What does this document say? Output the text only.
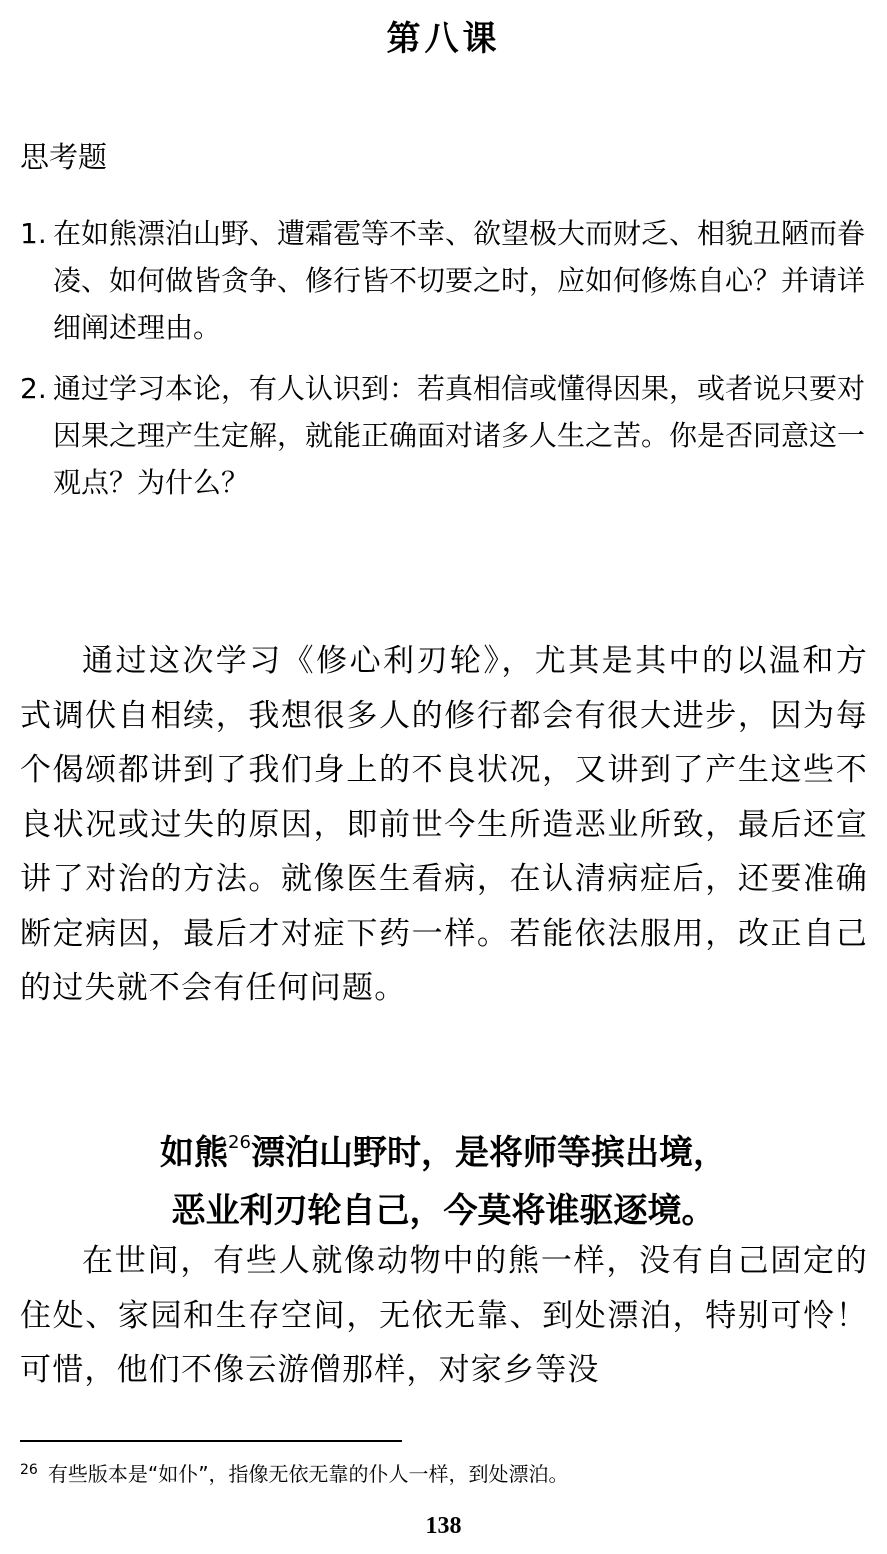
第八课
思考题
1. 在如熊漂泊山野、遭霜雹等不幸、欲望极大而财乏、相貌丑陋而眷凌、如何做皆贪争、修行皆不切要之时，应如何修炼自心？并请详细阐述理由。
2. 通过学习本论，有人认识到：若真相信或懂得因果，或者说只要对因果之理产生定解，就能正确面对诸多人生之苦。你是否同意这一观点？为什么？
通过这次学习《修心利刃轮》，尤其是其中的以温和方式调伏自相续，我想很多人的修行都会有很大进步，因为每个偈颂都讲到了我们身上的不良状况，又讲到了产生这些不良状况或过失的原因，即前世今生所造恶业所致，最后还宣讲了对治的方法。就像医生看病，在认清病症后，还要准确断定病因，最后才对症下药一样。若能依法服用，改正自己的过失就不会有任何问题。
如熊$^{26}$漂泊山野时，是将师等摈出境，
恶业利刃轮自己，今莫将谁驱逐境。
在世间，有些人就像动物中的熊一样，没有自己固定的住处、家园和生存空间，无依无靠、到处漂泊，特别可怜！可惜，他们不像云游僧那样，对家乡等没
$^{26}$ 有些版本是“如仆”，指像无依无靠的仆人一样，到处漂泊。
138
